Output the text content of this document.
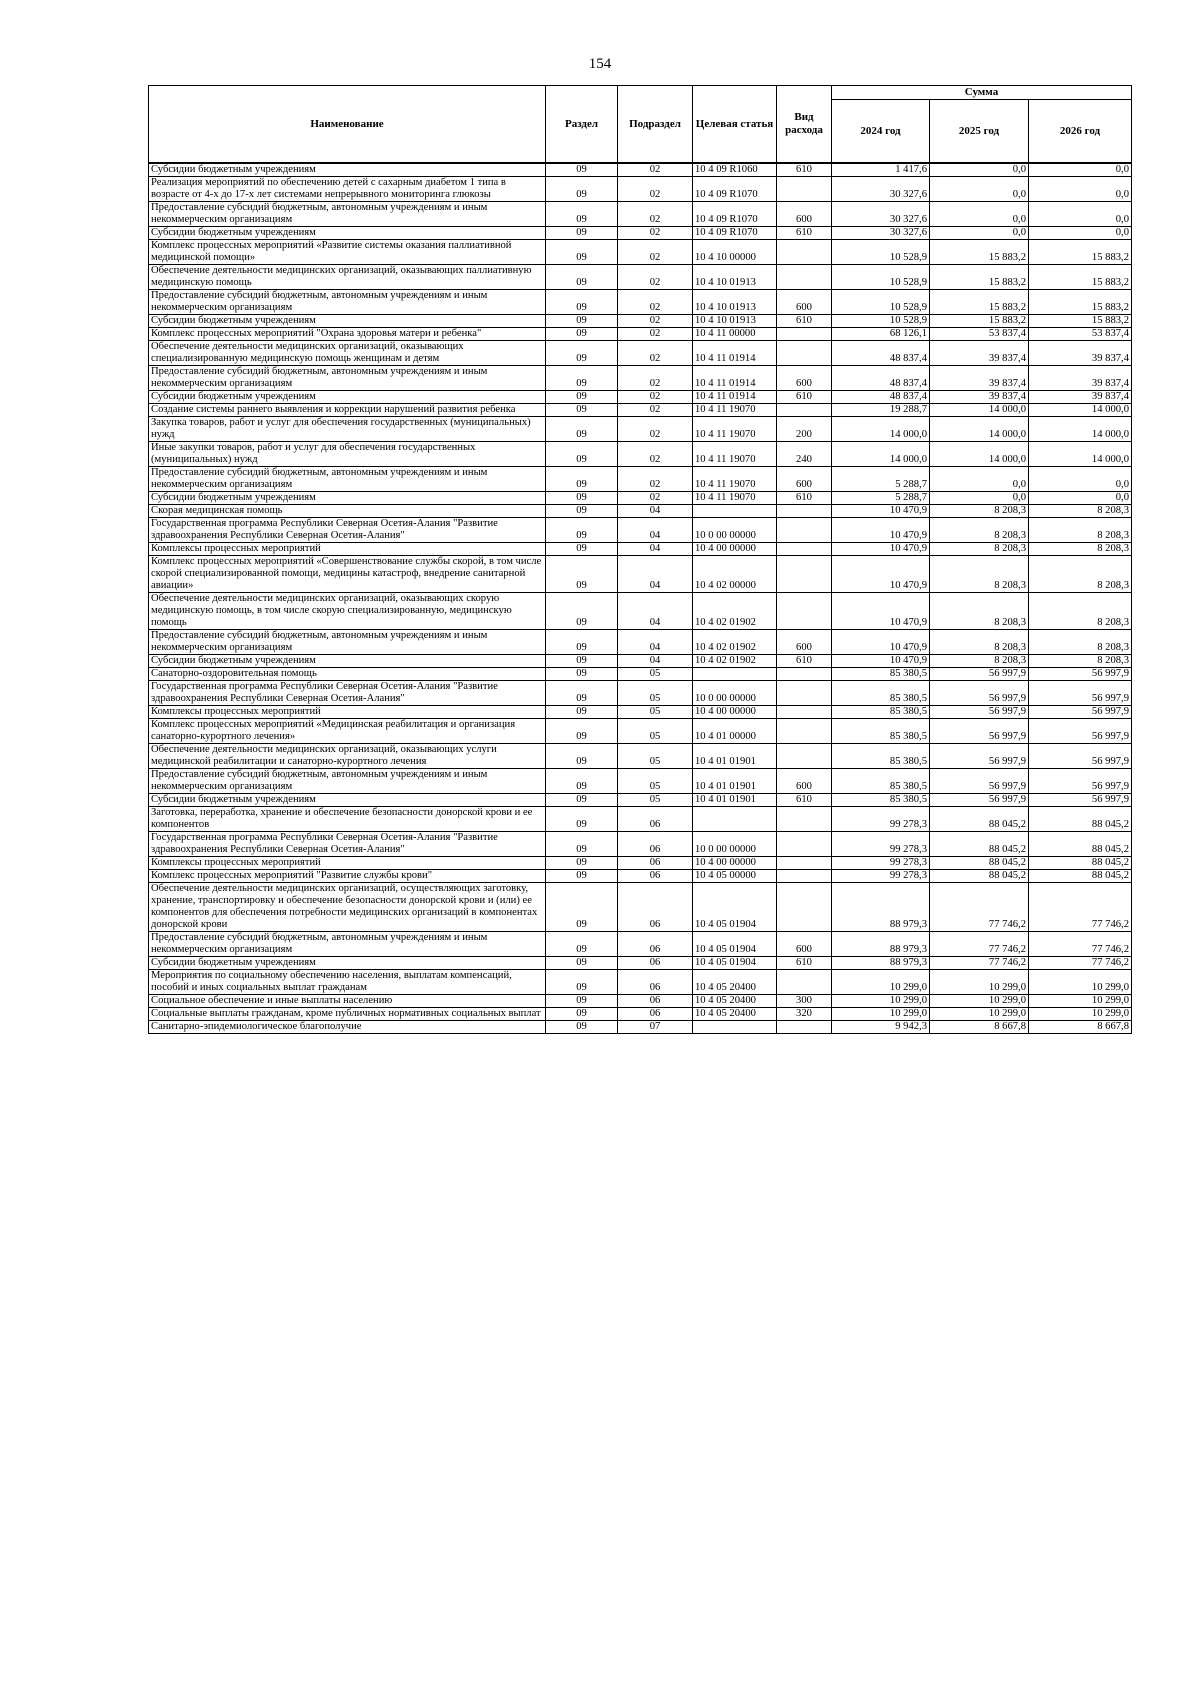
154
Наименование	Раздел	Подраздел	Целевая статья	Вид расхода	Сумма		
					2024 год	2025 год	2026 год
Субсидии бюджетным учреждениям	09	02	10 4 09 R1060	610	1 417,6	0,0	0,0
Реализация мероприятий по обеспечению детей с сахарным диабетом 1 типа в возрасте от 4-х до 17-х лет системами непрерывного мониторинга глюкозы	09	02	10 4 09 R1070		30 327,6	0,0	0,0
Предоставление субсидий бюджетным, автономным учреждениям и иным некоммерческим организациям	09	02	10 4 09 R1070	600	30 327,6	0,0	0,0
Субсидии бюджетным учреждениям	09	02	10 4 09 R1070	610	30 327,6	0,0	0,0
Комплекс процессных мероприятий «Развитие системы оказания паллиативной медицинской помощи»	09	02	10 4 10 00000		10 528,9	15 883,2	15 883,2
Обеспечение деятельности медицинских организаций, оказывающих паллиативную медицинскую помощь	09	02	10 4 10 01913		10 528,9	15 883,2	15 883,2
Предоставление субсидий бюджетным, автономным учреждениям и иным некоммерческим организациям	09	02	10 4 10 01913	600	10 528,9	15 883,2	15 883,2
Субсидии бюджетным учреждениям	09	02	10 4 10 01913	610	10 528,9	15 883,2	15 883,2
Комплекс процессных мероприятий "Охрана здоровья матери и ребенка"	09	02	10 4 11 00000		68 126,1	53 837,4	53 837,4
Обеспечение деятельности медицинских организаций, оказывающих специализированную медицинскую помощь женщинам и детям	09	02	10 4 11 01914		48 837,4	39 837,4	39 837,4
Предоставление субсидий бюджетным, автономным учреждениям и иным некоммерческим организациям	09	02	10 4 11 01914	600	48 837,4	39 837,4	39 837,4
Субсидии бюджетным учреждениям	09	02	10 4 11 01914	610	48 837,4	39 837,4	39 837,4
Создание системы раннего выявления и коррекции нарушений развития ребенка	09	02	10 4 11 19070		19 288,7	14 000,0	14 000,0
Закупка товаров, работ и услуг для обеспечения государственных (муниципальных) нужд	09	02	10 4 11 19070	200	14 000,0	14 000,0	14 000,0
Иные закупки товаров, работ и услуг для обеспечения государственных (муниципальных) нужд	09	02	10 4 11 19070	240	14 000,0	14 000,0	14 000,0
Предоставление субсидий бюджетным, автономным учреждениям и иным некоммерческим организациям	09	02	10 4 11 19070	600	5 288,7	0,0	0,0
Субсидии бюджетным учреждениям	09	02	10 4 11 19070	610	5 288,7	0,0	0,0
Скорая медицинская помощь	09	04			10 470,9	8 208,3	8 208,3
Государственная программа Республики Северная Осетия-Алания "Развитие здравоохранения Республики Северная Осетия-Алания"	09	04	10 0 00 00000		10 470,9	8 208,3	8 208,3
Комплексы процессных мероприятий	09	04	10 4 00 00000		10 470,9	8 208,3	8 208,3
Комплекс процессных мероприятий «Совершенствование службы скорой, в том числе скорой специализированной помощи, медицины катастроф, внедрение санитарной авиации»	09	04	10 4 02 00000		10 470,9	8 208,3	8 208,3
Обеспечение деятельности медицинских организаций, оказывающих скорую медицинскую помощь, в том числе скорую специализированную, медицинскую помощь	09	04	10 4 02 01902		10 470,9	8 208,3	8 208,3
Предоставление субсидий бюджетным, автономным учреждениям и иным некоммерческим организациям	09	04	10 4 02 01902	600	10 470,9	8 208,3	8 208,3
Субсидии бюджетным учреждениям	09	04	10 4 02 01902	610	10 470,9	8 208,3	8 208,3
Санаторно-оздоровительная помощь	09	05			85 380,5	56 997,9	56 997,9
Государственная программа Республики Северная Осетия-Алания "Развитие здравоохранения Республики Северная Осетия-Алания"	09	05	10 0 00 00000		85 380,5	56 997,9	56 997,9
Комплексы процессных мероприятий	09	05	10 4 00 00000		85 380,5	56 997,9	56 997,9
Комплекс процессных мероприятий «Медицинская реабилитация и организация санаторно-курортного лечения»	09	05	10 4 01 00000		85 380,5	56 997,9	56 997,9
Обеспечение деятельности медицинских организаций, оказывающих услуги медицинской реабилитации и санаторно-курортного лечения	09	05	10 4 01 01901		85 380,5	56 997,9	56 997,9
Предоставление субсидий бюджетным, автономным учреждениям и иным некоммерческим организациям	09	05	10 4 01 01901	600	85 380,5	56 997,9	56 997,9
Субсидии бюджетным учреждениям	09	05	10 4 01 01901	610	85 380,5	56 997,9	56 997,9
Заготовка, переработка, хранение и обеспечение безопасности донорской крови и ее компонентов	09	06			99 278,3	88 045,2	88 045,2
Государственная программа Республики Северная Осетия-Алания "Развитие здравоохранения Республики Северная Осетия-Алания"	09	06	10 0 00 00000		99 278,3	88 045,2	88 045,2
Комплексы процессных мероприятий	09	06	10 4 00 00000		99 278,3	88 045,2	88 045,2
Комплекс процессных мероприятий "Развитие службы крови"	09	06	10 4 05 00000		99 278,3	88 045,2	88 045,2
Обеспечение деятельности медицинских организаций, осуществляющих заготовку, хранение, транспортировку и обеспечение безопасности донорской крови и (или) ее компонентов для обеспечения потребности медицинских организаций в компонентах донорской крови	09	06	10 4 05 01904		88 979,3	77 746,2	77 746,2
Предоставление субсидий бюджетным, автономным учреждениям и иным некоммерческим организациям	09	06	10 4 05 01904	600	88 979,3	77 746,2	77 746,2
Субсидии бюджетным учреждениям	09	06	10 4 05 01904	610	88 979,3	77 746,2	77 746,2
Мероприятия по социальному обеспечению населения, выплатам компенсаций, пособий и иных социальных выплат гражданам	09	06	10 4 05 20400		10 299,0	10 299,0	10 299,0
Социальное обеспечение и иные выплаты населению	09	06	10 4 05 20400	300	10 299,0	10 299,0	10 299,0
Социальные выплаты гражданам, кроме публичных нормативных социальных выплат	09	06	10 4 05 20400	320	10 299,0	10 299,0	10 299,0
Санитарно-эпидемиологическое благополучие	09	07			9 942,3	8 667,8	8 667,8
